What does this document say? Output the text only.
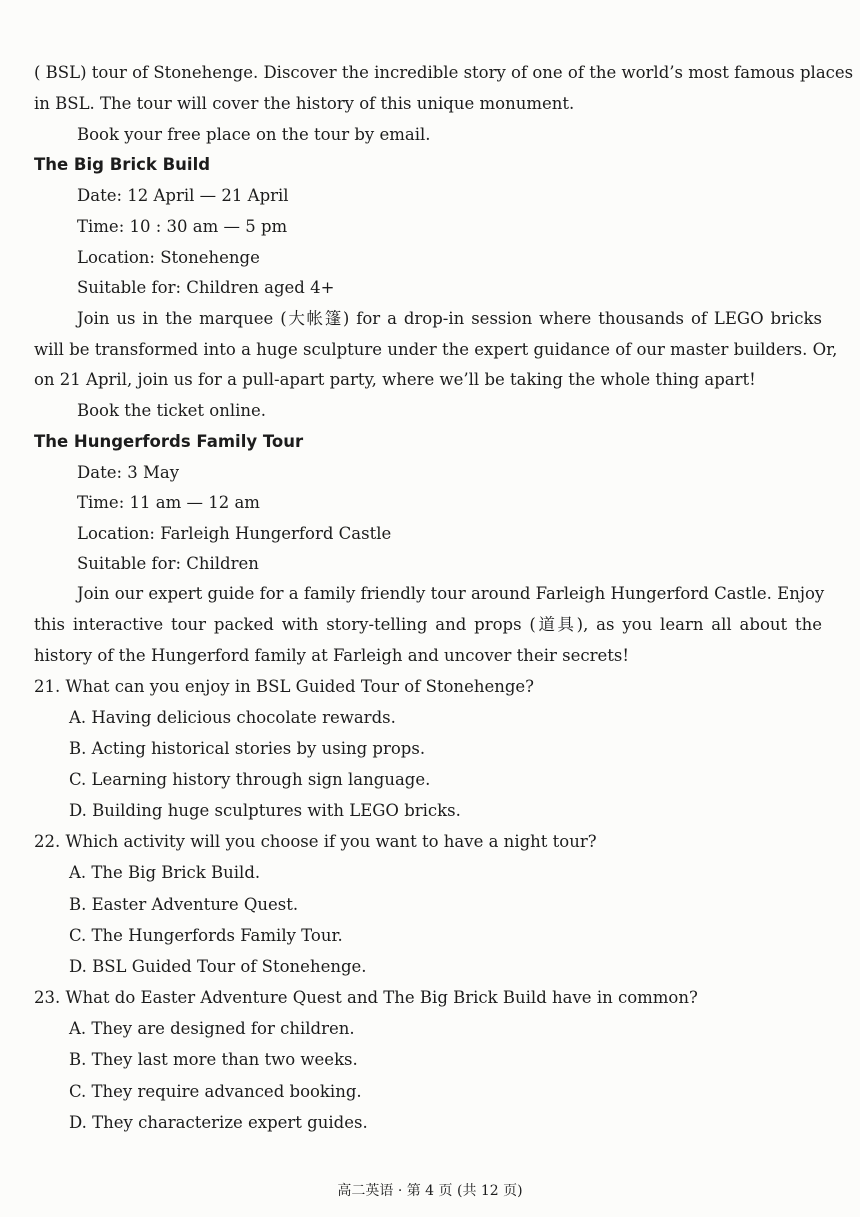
( BSL) tour of Stonehenge. Discover the incredible story of one of the world’s most famous places
in BSL. The tour will cover the history of this unique monument.
Book your free place on the tour by email.
The Big Brick Build
Date: 12 April — 21 April
Time: 10 : 30 am — 5 pm
Location: Stonehenge
Suitable for: Children aged 4+
Join us in the marquee (大帐篷) for a drop-in session where thousands of LEGO bricks
will be transformed into a huge sculpture under the expert guidance of our master builders. Or,
on 21 April, join us for a pull-apart party, where we’ll be taking the whole thing apart!
Book the ticket online.
The Hungerfords Family Tour
Date: 3 May
Time: 11 am — 12 am
Location: Farleigh Hungerford Castle
Suitable for: Children
Join our expert guide for a family friendly tour around Farleigh Hungerford Castle. Enjoy
this interactive tour packed with story-telling and props (道具), as you learn all about the
history of the Hungerford family at Farleigh and uncover their secrets!
21. What can you enjoy in BSL Guided Tour of Stonehenge?
A. Having delicious chocolate rewards.
B. Acting historical stories by using props.
C. Learning history through sign language.
D. Building huge sculptures with LEGO bricks.
22. Which activity will you choose if you want to have a night tour?
A. The Big Brick Build.
B. Easter Adventure Quest.
C. The Hungerfords Family Tour.
D. BSL Guided Tour of Stonehenge.
23. What do Easter Adventure Quest and The Big Brick Build have in common?
A. They are designed for children.
B. They last more than two weeks.
C. They require advanced booking.
D. They characterize expert guides.
高二英语 · 第 4 页 (共 12 页)
